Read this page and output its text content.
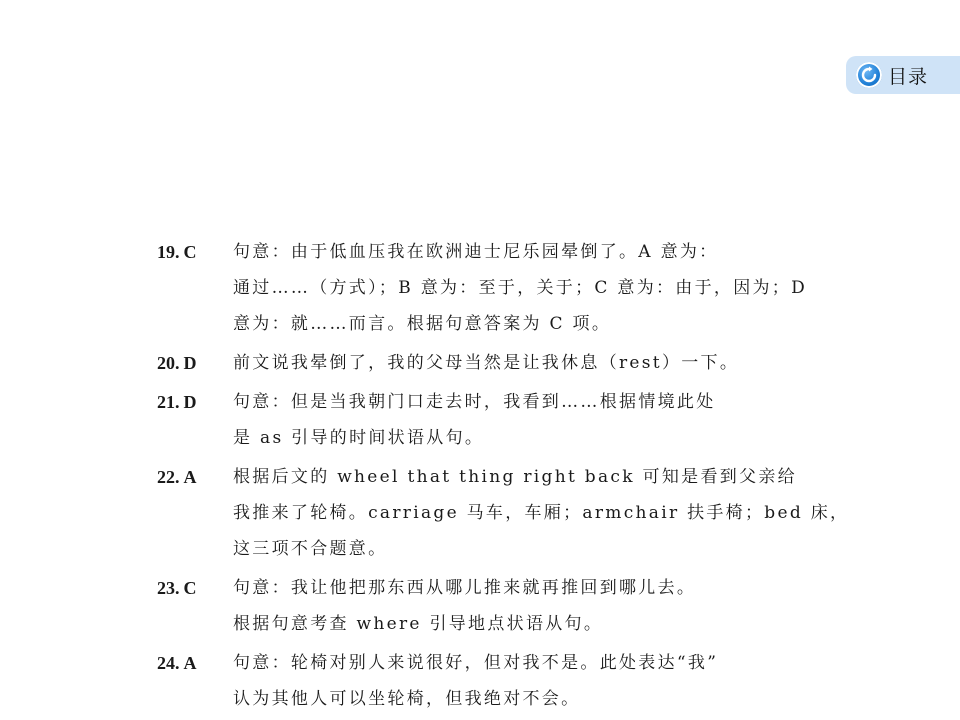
目录
19. C	句意：由于低血压我在欧洲迪士尼乐园晕倒了。A 意为：
通过……（方式）；B 意为：至于，关于；C 意为：由于，因为；D
意为：就……而言。根据句意答案为 C 项。
20. D	前文说我晕倒了，我的父母当然是让我休息（rest）一下。
21. D	句意：但是当我朝门口走去时，我看到……根据情境此处
是 as 引导的时间状语从句。
22. A	根据后文的 wheel that thing right back 可知是看到父亲给
我推来了轮椅。carriage 马车，车厢；armchair 扶手椅；bed 床，
这三项不合题意。
23. C	句意：我让他把那东西从哪儿推来就再推回到哪儿去。
根据句意考查 where 引导地点状语从句。
24. A	句意：轮椅对别人来说很好，但对我不是。此处表达“我”
认为其他人可以坐轮椅，但我绝对不会。
